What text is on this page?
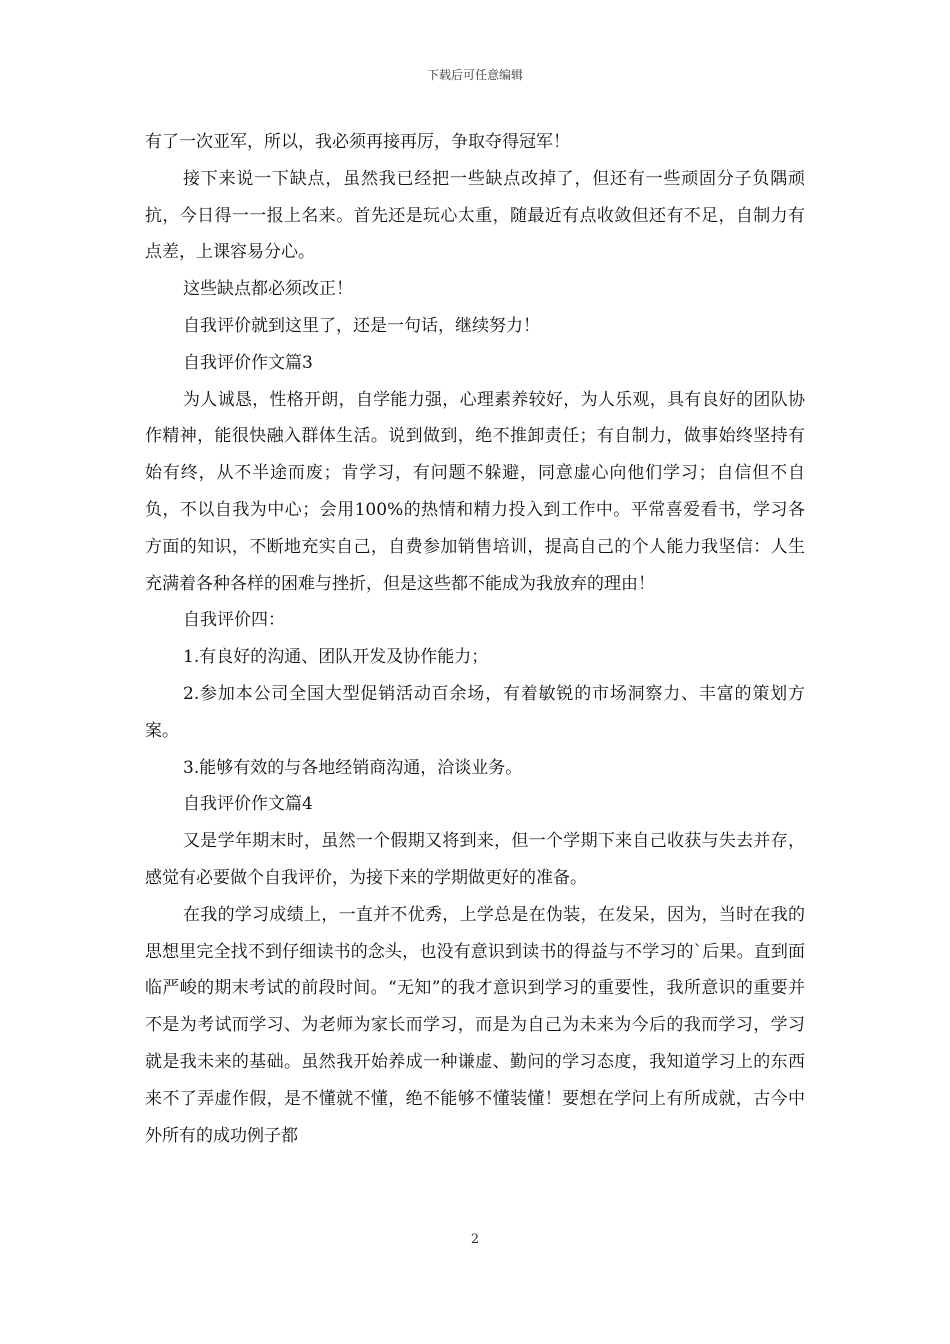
下载后可任意编辑

有了一次亚军，所以，我必须再接再厉，争取夺得冠军！

接下来说一下缺点，虽然我已经把一些缺点改掉了，但还有一些顽固分子负隅顽抗，今日得一一报上名来。首先还是玩心太重，随最近有点收敛但还有不足，自制力有点差，上课容易分心。

这些缺点都必须改正！

自我评价就到这里了，还是一句话，继续努力！

自我评价作文篇3

为人诚恳，性格开朗，自学能力强，心理素养较好，为人乐观，具有良好的团队协作精神，能很快融入群体生活。说到做到，绝不推卸责任；有自制力，做事始终坚持有始有终，从不半途而废；肯学习，有问题不躲避，同意虚心向他们学习；自信但不自负，不以自我为中心；会用100%的热情和精力投入到工作中。平常喜爱看书，学习各方面的知识，不断地充实自己，自费参加销售培训，提高自己的个人能力我坚信：人生充满着各种各样的困难与挫折，但是这些都不能成为我放弃的理由！

自我评价四：

1.有良好的沟通、团队开发及协作能力；

2.参加本公司全国大型促销活动百余场，有着敏锐的市场洞察力、丰富的策划方案。

3.能够有效的与各地经销商沟通，洽谈业务。

自我评价作文篇4

又是学年期末时，虽然一个假期又将到来，但一个学期下来自己收获与失去并存，感觉有必要做个自我评价，为接下来的学期做更好的准备。

在我的学习成绩上，一直并不优秀，上学总是在伪装，在发呆，因为，当时在我的思想里完全找不到仔细读书的念头，也没有意识到读书的得益与不学习的`后果。直到面临严峻的期末考试的前段时间。“无知”的我才意识到学习的重要性，我所意识的重要并不是为考试而学习、为老师为家长而学习，而是为自己为未来为今后的我而学习，学习就是我未来的基础。虽然我开始养成一种谦虚、勤问的学习态度，我知道学习上的东西来不了弄虚作假，是不懂就不懂，绝不能够不懂装懂！要想在学问上有所成就，古今中外所有的成功例子都

2
